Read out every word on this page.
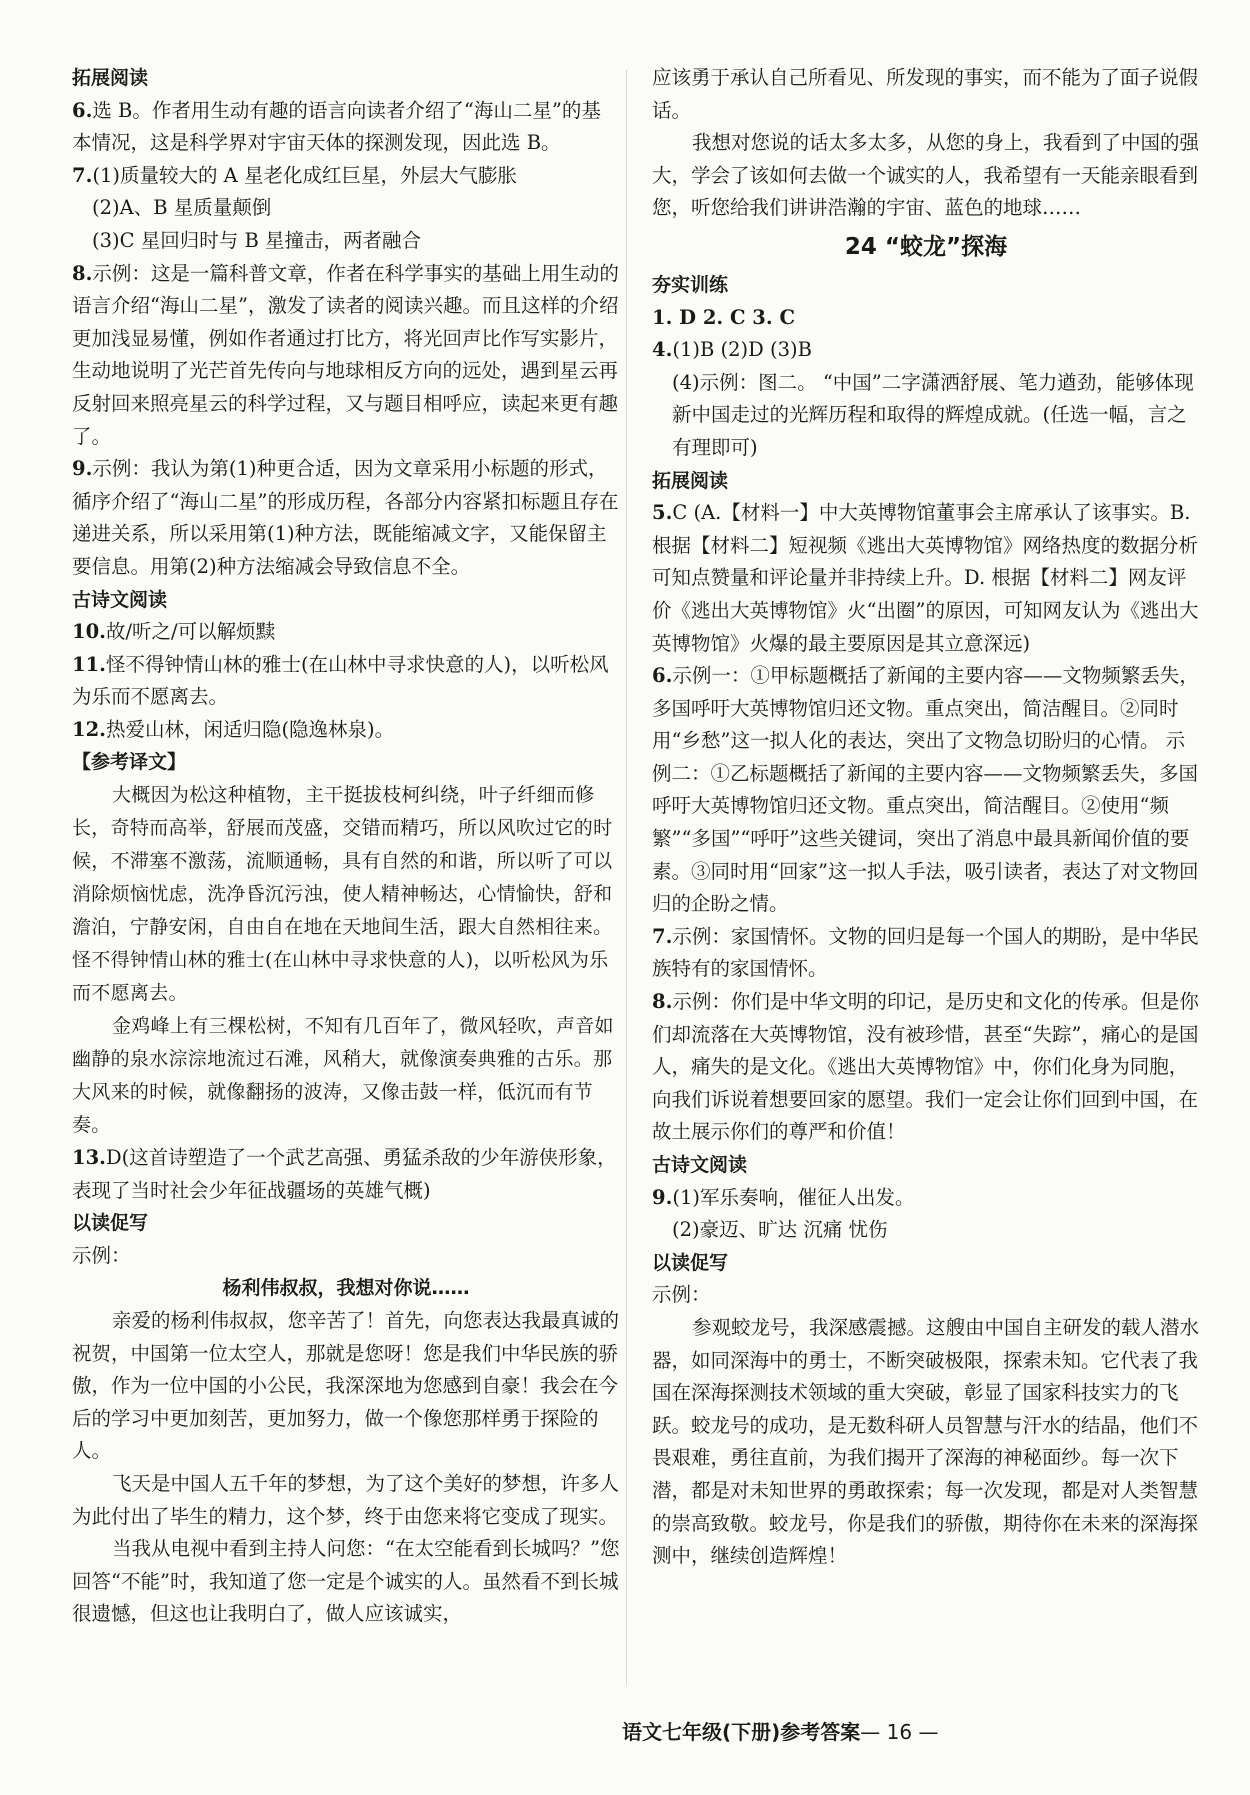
拓展阅读

6.选 B。作者用生动有趣的语言向读者介绍了“海山二星”的基本情况，这是科学界对宇宙天体的探测发现，因此选 B。

7.(1)质量较大的 A 星老化成红巨星，外层大气膨胀

(2)A、B 星质量颠倒

(3)C 星回归时与 B 星撞击，两者融合

8.示例：这是一篇科普文章，作者在科学事实的基础上用生动的语言介绍“海山二星”，激发了读者的阅读兴趣。而且这样的介绍更加浅显易懂，例如作者通过打比方，将光回声比作写实影片，生动地说明了光芒首先传向与地球相反方向的远处，遇到星云再反射回来照亮星云的科学过程，又与题目相呼应，读起来更有趣了。

9.示例：我认为第(1)种更合适，因为文章采用小标题的形式，循序介绍了“海山二星”的形成历程，各部分内容紧扣标题且存在递进关系，所以采用第(1)种方法，既能缩减文字，又能保留主要信息。用第(2)种方法缩减会导致信息不全。

古诗文阅读

10.故/听之/可以解烦黩

11.怪不得钟情山林的雅士(在山林中寻求快意的人)，以听松风为乐而不愿离去。

12.热爱山林，闲适归隐(隐逸林泉)。

【参考译文】

大概因为松这种植物，主干挺拔枝柯纠绕，叶子纤细而修长，奇特而高举，舒展而茂盛，交错而精巧，所以风吹过它的时候，不滞塞不激荡，流顺通畅，具有自然的和谐，所以听了可以消除烦恼忧虑，洗净昏沉污浊，使人精神畅达，心情愉快，舒和澹泊，宁静安闲，自由自在地在天地间生活，跟大自然相往来。怪不得钟情山林的雅士(在山林中寻求快意的人)，以听松风为乐而不愿离去。

金鸡峰上有三棵松树，不知有几百年了，微风轻吹，声音如幽静的泉水淙淙地流过石滩，风稍大，就像演奏典雅的古乐。那大风来的时候，就像翻扬的波涛，又像击鼓一样，低沉而有节奏。

13.D(这首诗塑造了一个武艺高强、勇猛杀敌的少年游侠形象，表现了当时社会少年征战疆场的英雄气概)

以读促写

示例：

杨利伟叔叔，我想对你说……

亲爱的杨利伟叔叔，您辛苦了！首先，向您表达我最真诚的祝贺，中国第一位太空人，那就是您呀！您是我们中华民族的骄傲，作为一位中国的小公民，我深深地为您感到自豪！我会在今后的学习中更加刻苦，更加努力，做一个像您那样勇于探险的人。

飞天是中国人五千年的梦想，为了这个美好的梦想，许多人为此付出了毕生的精力，这个梦，终于由您来将它变成了现实。

当我从电视中看到主持人问您：“在太空能看到长城吗？”您回答“不能”时，我知道了您一定是个诚实的人。虽然看不到长城很遗憾，但这也让我明白了，做人应该诚实，

应该勇于承认自己所看见、所发现的事实，而不能为了面子说假话。

我想对您说的话太多太多，从您的身上，我看到了中国的强大，学会了该如何去做一个诚实的人，我希望有一天能亲眼看到您，听您给我们讲讲浩瀚的宇宙、蓝色的地球……

24 “蛟龙”探海

夯实训练

1. D 2. C 3. C

4.(1)B (2)D (3)B

(4)示例：图二。 “中国”二字潇洒舒展、笔力遒劲，能够体现新中国走过的光辉历程和取得的辉煌成就。(任选一幅，言之有理即可)

拓展阅读

5.C (A.【材料一】中大英博物馆董事会主席承认了该事实。B. 根据【材料二】短视频《逃出大英博物馆》网络热度的数据分析可知点赞量和评论量并非持续上升。D. 根据【材料二】网友评价《逃出大英博物馆》火“出圈”的原因，可知网友认为《逃出大英博物馆》火爆的最主要原因是其立意深远)

6.示例一：①甲标题概括了新闻的主要内容——文物频繁丢失，多国呼吁大英博物馆归还文物。重点突出，简洁醒目。②同时用“乡愁”这一拟人化的表达，突出了文物急切盼归的心情。 示例二：①乙标题概括了新闻的主要内容——文物频繁丢失，多国呼吁大英博物馆归还文物。重点突出，简洁醒目。②使用“频繁”“多国”“呼吁”这些关键词，突出了消息中最具新闻价值的要素。③同时用“回家”这一拟人手法，吸引读者，表达了对文物回归的企盼之情。

7.示例：家国情怀。文物的回归是每一个国人的期盼，是中华民族特有的家国情怀。

8.示例：你们是中华文明的印记，是历史和文化的传承。但是你们却流落在大英博物馆，没有被珍惜，甚至“失踪”，痛心的是国人，痛失的是文化。《逃出大英博物馆》中，你们化身为同胞，向我们诉说着想要回家的愿望。我们一定会让你们回到中国，在故土展示你们的尊严和价值！

古诗文阅读

9.(1)军乐奏响，催征人出发。

(2)豪迈、旷达 沉痛 忧伤

以读促写

示例：

参观蛟龙号，我深感震撼。这艘由中国自主研发的载人潜水器，如同深海中的勇士，不断突破极限，探索未知。它代表了我国在深海探测技术领域的重大突破，彰显了国家科技实力的飞跃。蛟龙号的成功，是无数科研人员智慧与汗水的结晶，他们不畏艰难，勇往直前，为我们揭开了深海的神秘面纱。每一次下潜，都是对未知世界的勇敢探索；每一次发现，都是对人类智慧的崇高致敬。蛟龙号，你是我们的骄傲，期待你在未来的深海探测中，继续创造辉煌！

语文七年级(下册)参考答案— 16 —
